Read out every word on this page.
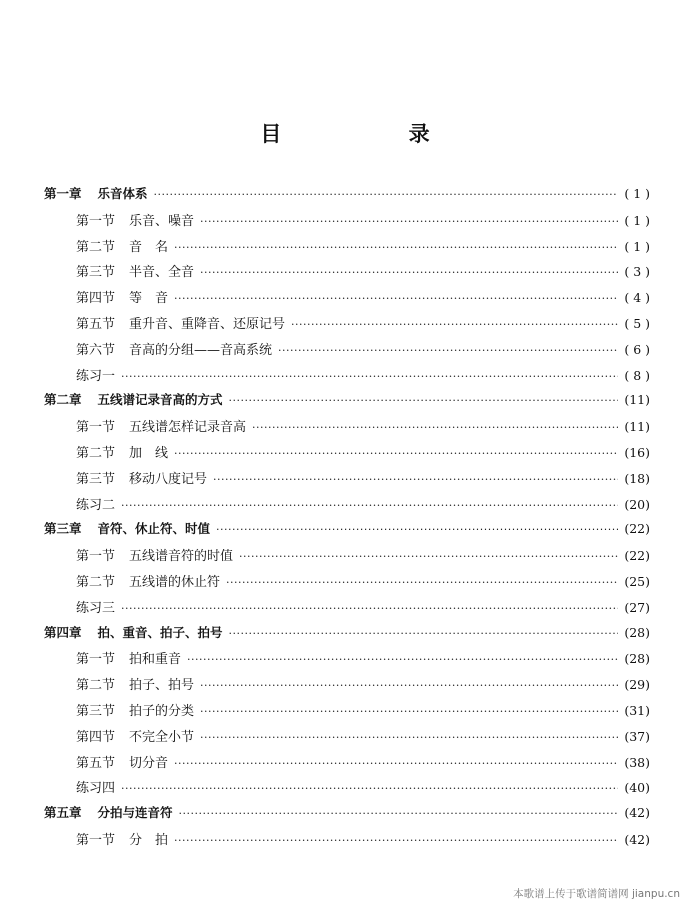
目 录
第一章 乐音体系 ·····	( 1 )
第一节 乐音、噪音 ·····	( 1 )
第二节 音　名 ·····	( 1 )
第三节 半音、全音 ·····	( 3 )
第四节 等　音 ·····	( 4 )
第五节 重升音、重降音、还原记号 ·····	( 5 )
第六节 音高的分组——音高系统 ·····	( 6 )
练习一 ·····	( 8 )
第二章 五线谱记录音高的方式 ·····	(11)
第一节 五线谱怎样记录音高 ·····	(11)
第二节 加　线 ·····	(16)
第三节 移动八度记号 ·····	(18)
练习二 ·····	(20)
第三章 音符、休止符、时值 ·····	(22)
第一节 五线谱音符的时值 ·····	(22)
第二节 五线谱的休止符 ·····	(25)
练习三 ·····	(27)
第四章 拍、重音、拍子、拍号 ·····	(28)
第一节 拍和重音 ·····	(28)
第二节 拍子、拍号 ·····	(29)
第三节 拍子的分类 ·····	(31)
第四节 不完全小节 ·····	(37)
第五节 切分音 ·····	(38)
练习四 ·····	(40)
第五章 分拍与连音符 ·····	(42)
第一节 分　拍 ·····	(42)
本歌谱上传于歌谱简谱网 jianpu.cn
